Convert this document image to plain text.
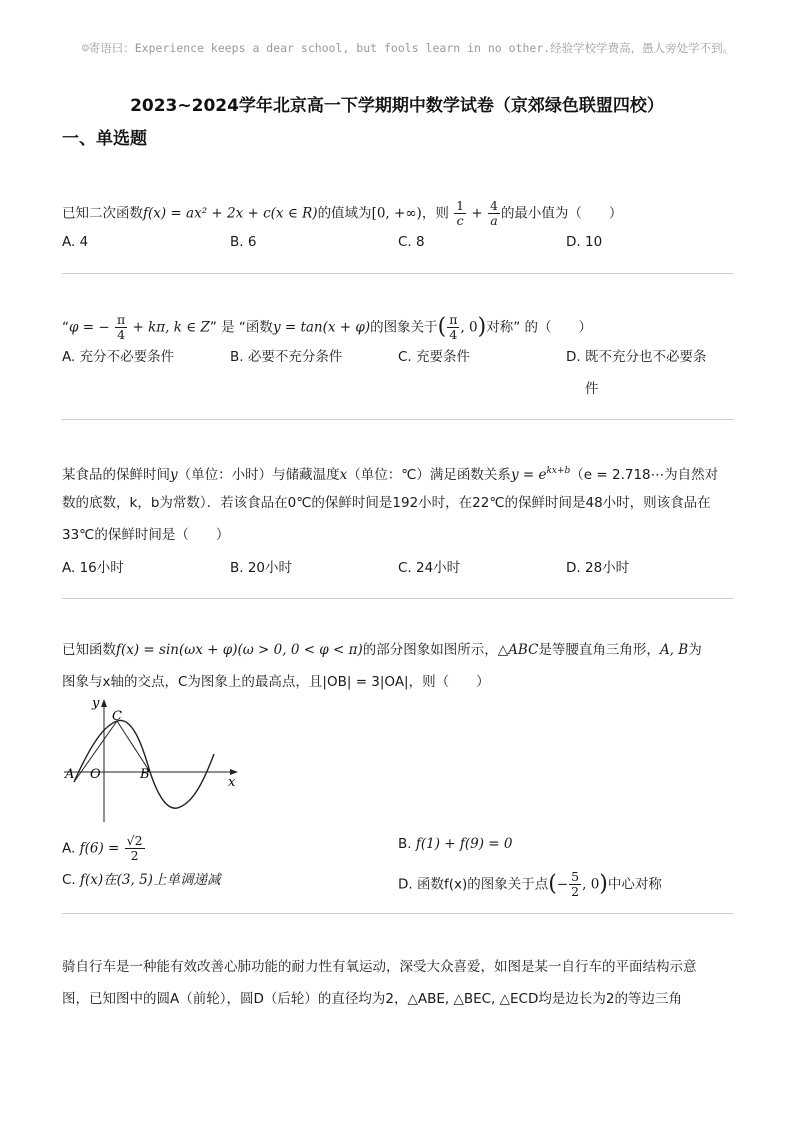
☺寄语曰：Experience keeps a dear school, but fools learn in no other.经验学校学费高，愚人旁处学不到。
2023~2024学年北京高一下学期期中数学试卷（京郊绿色联盟四校）
一、单选题
已知二次函数f(x) = ax² + 2x + c(x ∈ R)的值域为[0, +∞)，则 $\frac{1}{c} + \frac{4}{a}$ 的最小值为（　　）
A. 4	B. 6	C. 8	D. 10
“φ = − $\frac{\pi}{4} + k\pi$, k ∈ Z” 是 “函数y = tan(x + φ)的图象关于( $\frac{\pi}{4}$ , 0)对称” 的（　　）
A. 充分不必要条件	B. 必要不充分条件	C. 充要条件	D. 既不充分也不必要条
件
某食品的保鲜时间y（单位：小时）与储藏温度x（单位：℃）满足函数关系$y = e^{kx+b}(e$ = 2.718⋯为自然对
数的底数，k，b为常数）．若该食品在0℃的保鲜时间是192小时，在22℃的保鲜时间是48小时，则该食品在
33℃的保鲜时间是（　　）
A. 16小时	B. 20小时	C. 24小时	D. 28小时
已知函数f(x) = sin(ωx + φ)(ω > 0, 0 < φ < π)的部分图象如图所示，△ABC是等腰直角三角形，A, B为
图象与x轴的交点，C为图象上的最高点，且|OB| = 3|OA|，则（　　）
y
x
A O	B
C
A. $f(6) = \frac{√2}{2}$	B. f(1) + f(9) = 0
C. f(x)在(3, 5)上单调递减	D. 函数f(x)的图象关于点(− $\frac{5}{2}$ , 0)中心对称
骑自行车是一种能有效改善心肺功能的耐力性有氧运动，深受大众喜爱，如图是某一自行车的平面结构示意
图，已知图中的圆A（前轮），圆D（后轮）的直径均为2，△ABE, △BEC, △ECD均是边长为2的等边三角
